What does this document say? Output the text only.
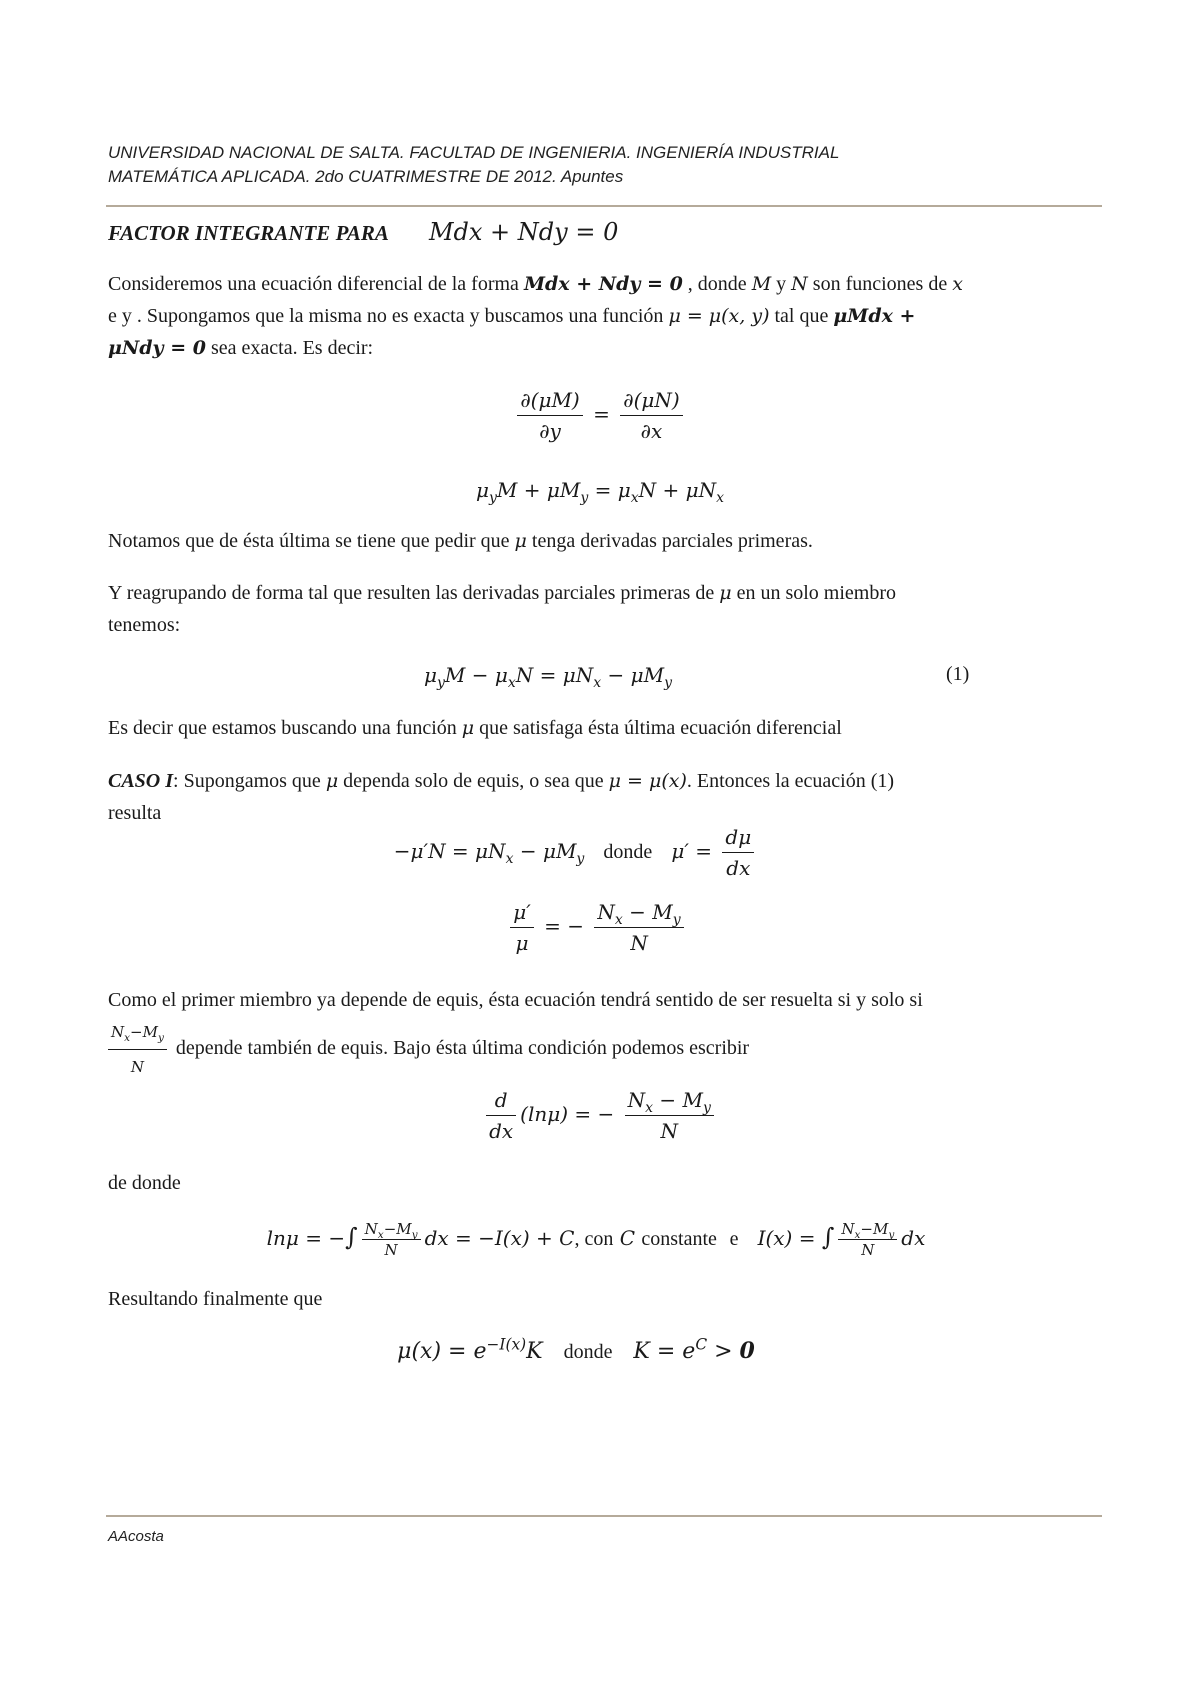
UNIVERSIDAD NACIONAL DE SALTA. FACULTAD DE INGENIERIA. INGENIERÍA INDUSTRIAL
MATEMÁTICA APLICADA. 2do CUATRIMESTRE DE 2012. Apuntes
FACTOR INTEGRANTE PARA Mdx + Ndy = 0
Consideremos una ecuación diferencial de la forma Mdx + Ndy = 0 , donde M y N son funciones de x
e y . Supongamos que la misma no es exacta y buscamos una función μ = μ(x, y) tal que μMdx +
μNdy = 0 sea exacta. Es decir:
$\frac{\partial(\mu M)}{\partial y} = \frac{\partial(\mu N)}{\partial x}$
$\mu_yM + \mu M_y = \mu_xN + \mu N_x$
Notamos que de ésta última se tiene que pedir que μ tenga derivadas parciales primeras.
Y reagrupando de forma tal que resulten las derivadas parciales primeras de μ en un solo miembro
tenemos:
$\mu_yM - \mu_xN = \mu N_x - \mu M_y$	(1)
Es decir que estamos buscando una función μ que satisfaga ésta última ecuación diferencial
CASO I: Supongamos que μ dependa solo de equis, o sea que μ = μ(x). Entonces la ecuación (1)
resulta
$-\mu'N = \mu N_x - \mu M_y$ donde   $\mu' = \frac{d\mu}{dx}$
$\frac{\mu'}{\mu}$ = − $\frac{N_x - M_y}{N}$
Como el primer miembro ya depende de equis, ésta ecuación tendrá sentido de ser resuelta si y solo si

$\frac{N_x-M_y}{N}$ depende también de equis. Bajo ésta última condición podemos escribir
$\frac{d}{dx} (\ln\mu)$ = − $\frac{N_x - M_y}{N}$
de donde
lnμ = −∫ $\frac{N_x-M_y}{N}$ dx = −I(x) + C, con C constante e   I(x) = ∫ $\frac{N_x-M_y}{N}$ dx
Resultando finalmente que
$\mu(x) = e^{-I(x)}K$   donde   $K = e^C > 0$
AAcosta
